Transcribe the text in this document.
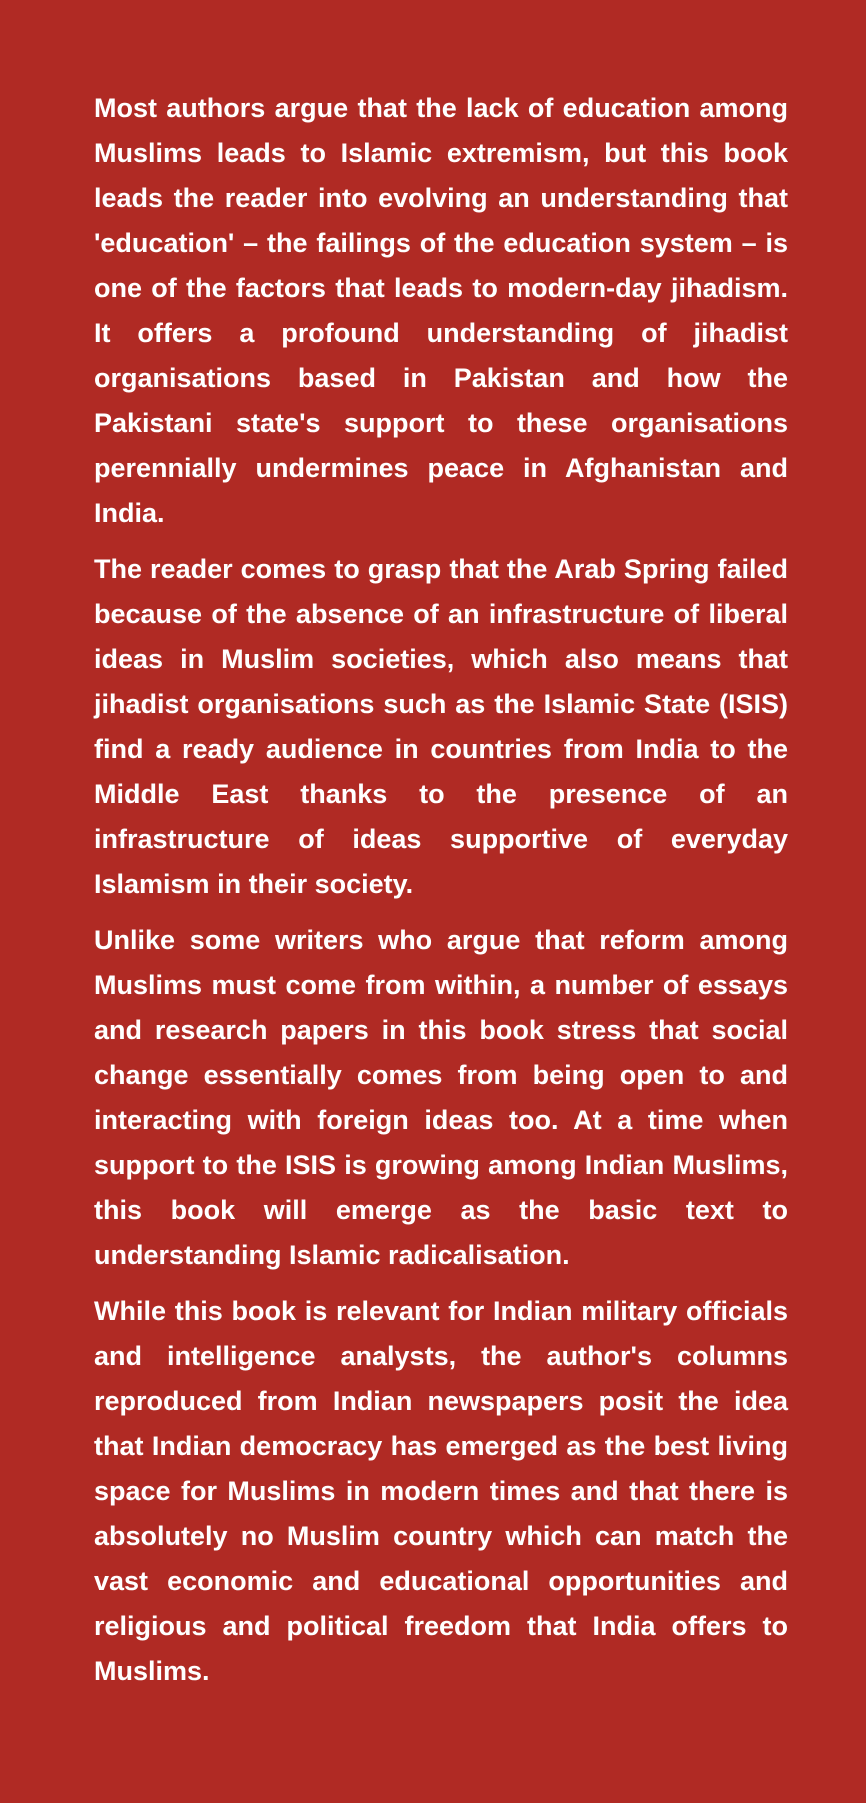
Most authors argue that the lack of education among Muslims leads to Islamic extremism, but this book leads the reader into evolving an understanding that 'education' – the failings of the education system – is one of the factors that leads to modern-day jihadism. It offers a profound understanding of jihadist organisations based in Pakistan and how the Pakistani state's support to these organisations perennially undermines peace in Afghanistan and India.

The reader comes to grasp that the Arab Spring failed because of the absence of an infrastructure of liberal ideas in Muslim societies, which also means that jihadist organisations such as the Islamic State (ISIS) find a ready audience in countries from India to the Middle East thanks to the presence of an infrastructure of ideas supportive of everyday Islamism in their society.

Unlike some writers who argue that reform among Muslims must come from within, a number of essays and research papers in this book stress that social change essentially comes from being open to and interacting with foreign ideas too. At a time when support to the ISIS is growing among Indian Muslims, this book will emerge as the basic text to understanding Islamic radicalisation.

While this book is relevant for Indian military officials and intelligence analysts, the author's columns reproduced from Indian newspapers posit the idea that Indian democracy has emerged as the best living space for Muslims in modern times and that there is absolutely no Muslim country which can match the vast economic and educational opportunities and religious and political freedom that India offers to Muslims.
